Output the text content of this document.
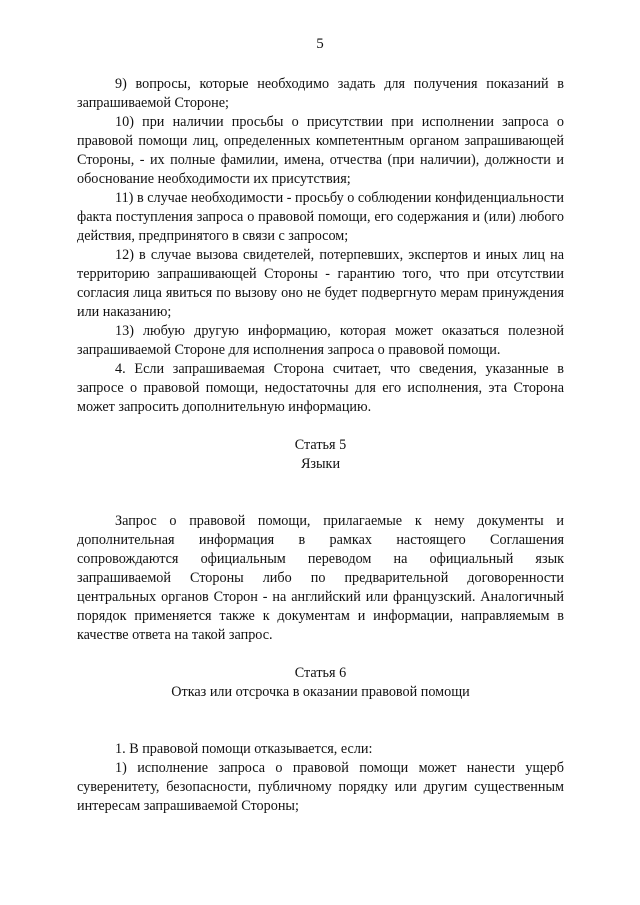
5

9) вопросы, которые необходимо задать для получения показаний в запрашиваемой Стороне;

10) при наличии просьбы о присутствии при исполнении запроса о правовой помощи лиц, определенных компетентным органом запрашивающей Стороны, - их полные фамилии, имена, отчества (при наличии), должности и обоснование необходимости их присутствия;

11) в случае необходимости - просьбу о соблюдении конфиденциальности факта поступления запроса о правовой помощи, его содержания и (или) любого действия, предпринятого в связи с запросом;

12) в случае вызова свидетелей, потерпевших, экспертов и иных лиц на территорию запрашивающей Стороны - гарантию того, что при отсутствии согласия лица явиться по вызову оно не будет подвергнуто мерам принуждения или наказанию;

13) любую другую информацию, которая может оказаться полезной запрашиваемой Стороне для исполнения запроса о правовой помощи.

4. Если запрашиваемая Сторона считает, что сведения, указанные в запросе о правовой помощи, недостаточны для его исполнения, эта Сторона может запросить дополнительную информацию.

Статья 5
Языки

Запрос о правовой помощи, прилагаемые к нему документы и дополнительная информация в рамках настоящего Соглашения сопровождаются официальным переводом на официальный язык запрашиваемой Стороны либо по предварительной договоренности центральных органов Сторон - на английский или французский. Аналогичный порядок применяется также к документам и информации, направляемым в качестве ответа на такой запрос.

Статья 6
Отказ или отсрочка в оказании правовой помощи

1. В правовой помощи отказывается, если:

1) исполнение запроса о правовой помощи может нанести ущерб суверенитету, безопасности, публичному порядку или другим существенным интересам запрашиваемой Стороны;
